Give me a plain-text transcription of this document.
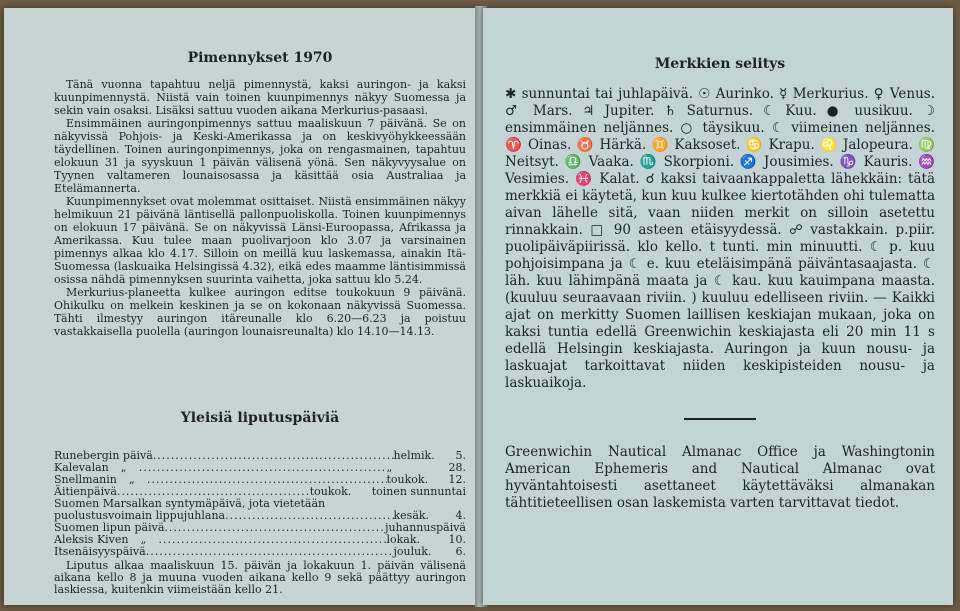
Pimennykset 1970

Tänä vuonna tapahtuu neljä pimennystä, kaksi auringon- ja kaksi kuunpimennystä. Niistä vain toinen kuunpimennys näkyy Suomessa ja sekin vain osaksi. Lisäksi sattuu vuoden aikana Merkurius-pasaasi.

Ensimmäinen auringonpimennys sattuu maaliskuun 7 päivänä. Se on näkyvissä Pohjois- ja Keski-Amerikassa ja on keskivyöhykkeessään täydellinen. Toinen auringonpimennys, joka on rengasmainen, tapahtuu elokuun 31 ja syyskuun 1 päivän välisenä yönä. Sen näkyvyysalue on Tyynen valtameren lounaisosassa ja käsittää osia Australiaa ja Etelämannerta.

Kuunpimennykset ovat molemmat osittaiset. Niistä ensimmäinen näkyy helmikuun 21 päivänä läntisellä pallonpuoliskolla. Toinen kuunpimennys on elokuun 17 päivänä. Se on näkyvissä Länsi-Euroopassa, Afrikassa ja Amerikassa. Kuu tulee maan puolivarjoon klo 3.07 ja varsinainen pimennys alkaa klo 4.17. Silloin on meillä kuu laskemassa, ainakin Itä-Suomessa (laskuaika Helsingissä 4.32), eikä edes maamme läntisimmissä osissa nähdä pimennyksen suurinta vaihetta, joka sattuu klo 5.24.

Merkurius-planeetta kulkee auringon editse toukokuun 9 päivänä. Ohikulku on melkein keskinen ja se on kokonaan näkyvissä Suomessa. Tähti ilmestyy auringon itäreunalle klo 6.20—6.23 ja poistuu vastakkaisella puolella (auringon lounaisreunalta) klo 14.10—14.13.

Yleisiä liputuspäiviä
Runebergin päivä .....	helmik.	5.
Kalevalan	„ .....	„	28.
Snellmanin	„ .....	toukok.	12.
Äitienpäivä .....	toukok.	toinen sunnuntai
Suomen Marsalkan syntymäpäivä, jota vietetään
puolustusvoimain lippujuhlana .....	kesäk.	4.
Suomen lipun päivä .....	juhannuspäivä
Aleksis Kiven	„ .....	lokak.	10.
Itsenäisyyspäivä .....	jouluk.	6.

Liputus alkaa maaliskuun 15. päivän ja lokakuun 1. päivän välisenä aikana kello 8 ja muuna vuoden aikana kello 9 sekä päättyy auringon laskiessa, kuitenkin viimeistään kello 21.

Merkkien selitys

✱ sunnuntai tai juhlapäivä. ☉ Aurinko. ☿ Merkurius. ♀ Venus. ♂ Mars. ♃ Jupiter. ♄ Saturnus. ☾ Kuu. ● uusikuu. ☽ ensimmäinen neljännes. ○ täysikuu. ☾ viimeinen neljännes. ♈ Oinas. ♉ Härkä. ♊ Kaksoset. ♋ Krapu. ♌ Jalopeura. ♍ Neitsyt. ♎ Vaaka. ♏ Skorpioni. ♐ Jousimies. ♑ Kauris. ♒ Vesimies. ♓ Kalat. ☌ kaksi taivaankappaletta lähekkäin: tätä merkkiä ei käytetä, kun kuu kulkee kiertotähden ohi tulematta aivan lähelle sitä, vaan niiden merkit on silloin asetettu rinnakkain. □ 90 asteen etäisyydessä. ☍ vastakkain. p.piir. puolipäiväpiirissä. klo kello. t tunti. min minuutti. ☾ p. kuu pohjoisimpana ja ☾ e. kuu eteläisimpänä päiväntasaajasta. ☾ läh. kuu lähimpänä maata ja ☾ kau. kuu kauimpana maasta. (kuuluu seuraavaan riviin. ) kuuluu edelliseen riviin. — Kaikki ajat on merkitty Suomen laillisen keskiajan mukaan, joka on kaksi tuntia edellä Greenwichin keskiajasta eli 20 min 11 s edellä Helsingin keskiajasta. Auringon ja kuun nousu- ja laskuajat tarkoittavat niiden keskipisteiden nousu- ja laskuaikoja.

Greenwichin Nautical Almanac Office ja Washingtonin American Ephemeris and Nautical Almanac ovat hyväntahtoisesti asettaneet käytettäväksi almanakan tähtitieteellisen osan laskemista varten tarvittavat tiedot.
